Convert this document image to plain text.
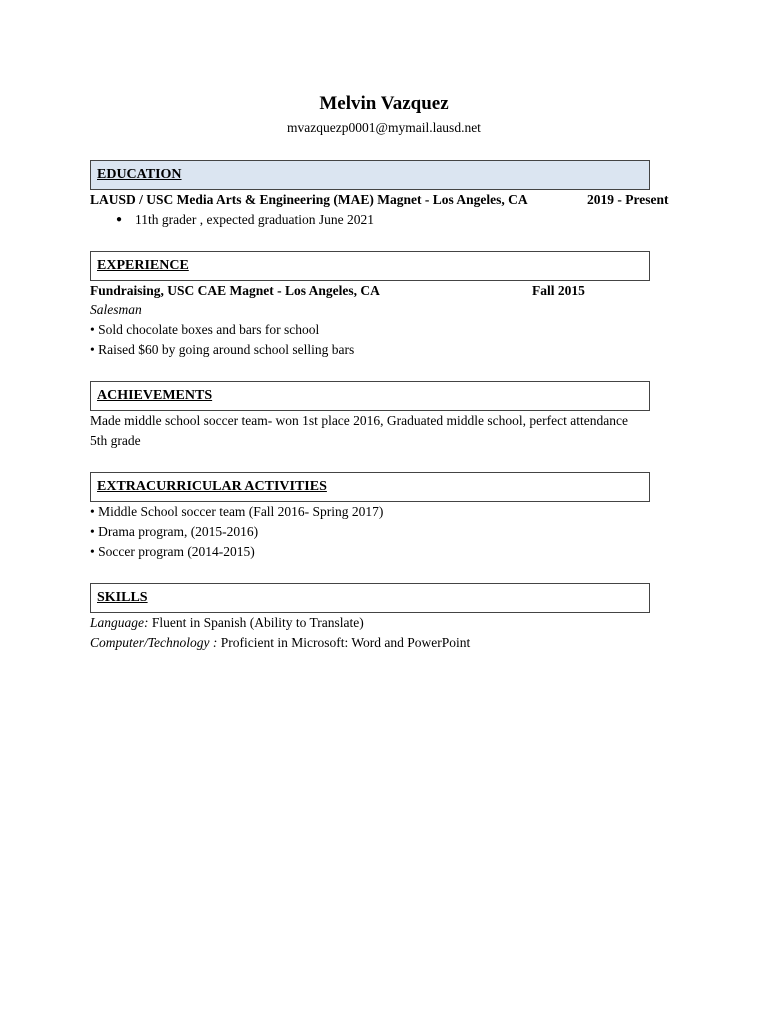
Melvin Vazquez
mvazquezp0001@mymail.lausd.net
EDUCATION
LAUSD / USC Media Arts & Engineering (MAE) Magnet - Los Angeles, CA	2019 - Present
● 11th grader , expected graduation June 2021
EXPERIENCE
Fundraising, USC CAE Magnet - Los Angeles, CA	Fall 2015
Salesman
• Sold chocolate boxes and bars for school
• Raised $60 by going around school selling bars
ACHIEVEMENTS
Made middle school soccer team- won 1st place 2016, Graduated middle school, perfect attendance
5th grade
EXTRACURRICULAR ACTIVITIES
• Middle School soccer team (Fall 2016- Spring 2017)
• Drama program, (2015-2016)
• Soccer program (2014-2015)
SKILLS
Language: Fluent in Spanish (Ability to Translate)
Computer/Technology : Proficient in Microsoft: Word and PowerPoint
